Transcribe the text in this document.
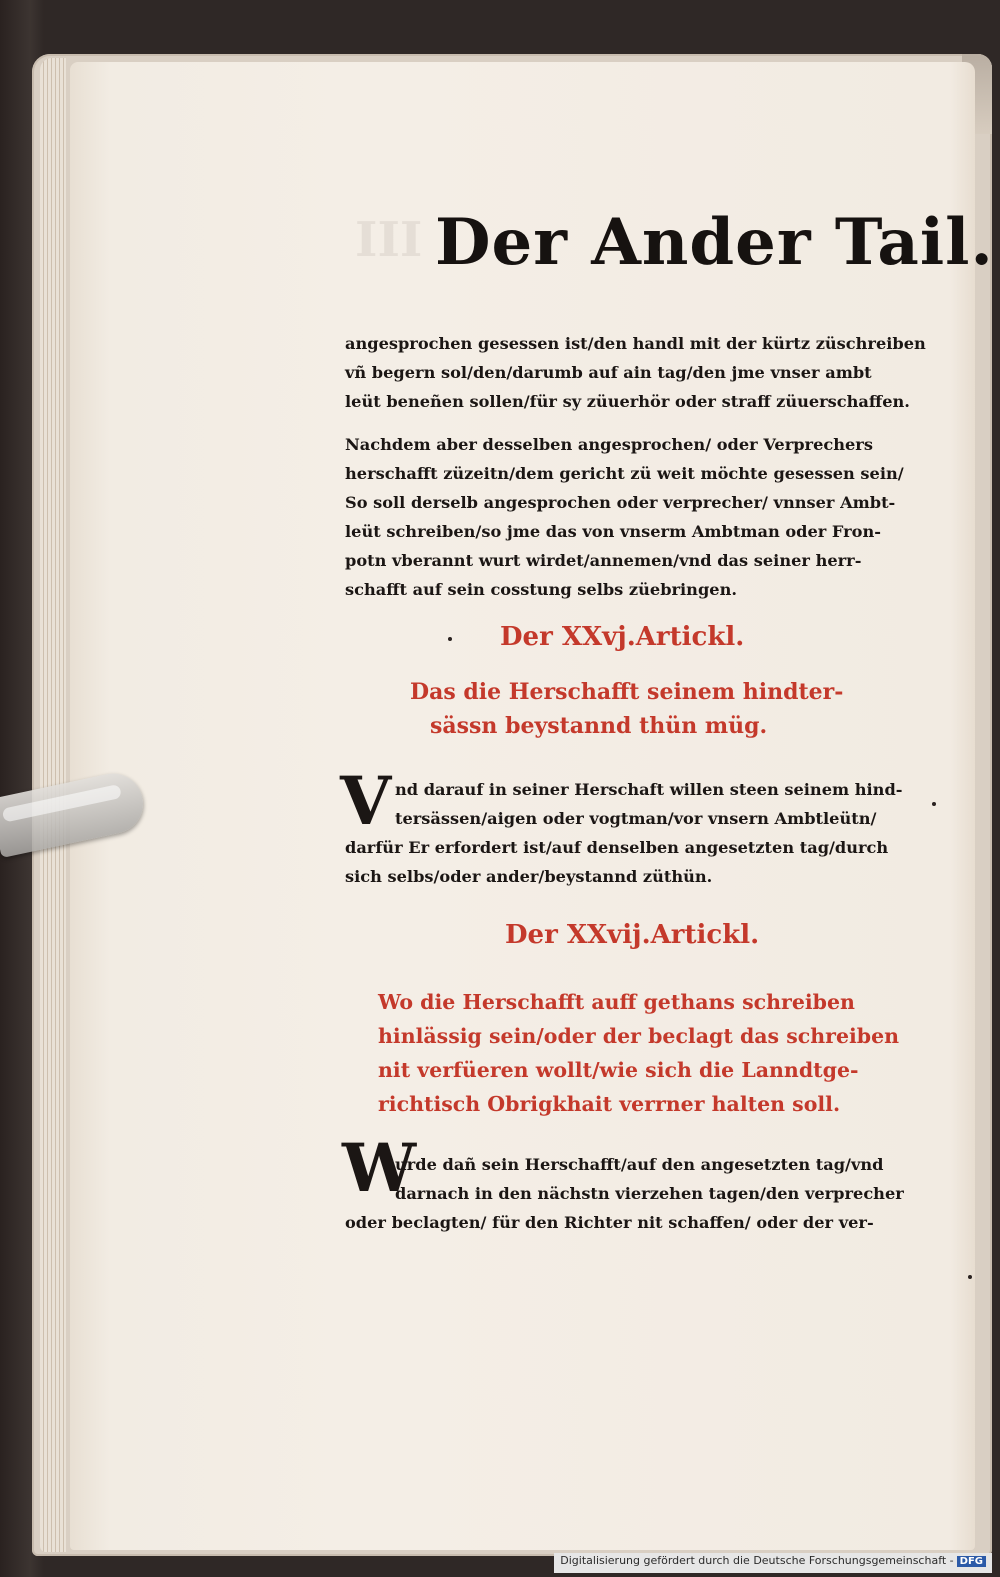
III Der Ander Tail.
angesprochen gesessen ist/den handl mit der kürtz züschreiben
vñ begern sol/den/darumb auf ain tag/den jme vnser ambt
leüt beneñen sollen/für sy züuerhör oder straff züuerschaffen.
Nachdem aber desselben angesprochen/ oder Verprechers
herschafft züzeitn/dem gericht zü weit möchte gesessen sein/
So soll derselb angesprochen oder verprecher/ vnnser Ambt-
leüt schreiben/so jme das von vnserm Ambtman oder Fron-
potn vberannt wurt wirdet/annemen/vnd das seiner herr-
schafft auf sein cosstung selbs züebringen.
Der XXvj.Artickl.
Das die Herschafft seinem hindter-
sässn beystannd thün müg.
V nd darauf in seiner Herschaft willen steen seinem hind-
tersässen/aigen oder vogtman/vor vnsern Ambtleütn/
darfür Er erfordert ist/auf denselben angesetzten tag/durch
sich selbs/oder ander/beystannd züthün.
Der XXvij.Artickl.
Wo die Herschafft auff gethans schreiben
hinlässig sein/oder der beclagt das schreiben
nit verfüeren wollt/wie sich die Lanndtge-
richtisch Obrigkhait verrner halten soll.
W
urde dañ sein Herschafft/auf den angesetzten tag/vnd
darnach in den nächstn vierzehen tagen/den verprecher
oder beclagten/ für den Richter nit schaffen/ oder der ver-
Digitalisierung gefördert durch die Deutsche Forschungsgemeinschaft - DFG
